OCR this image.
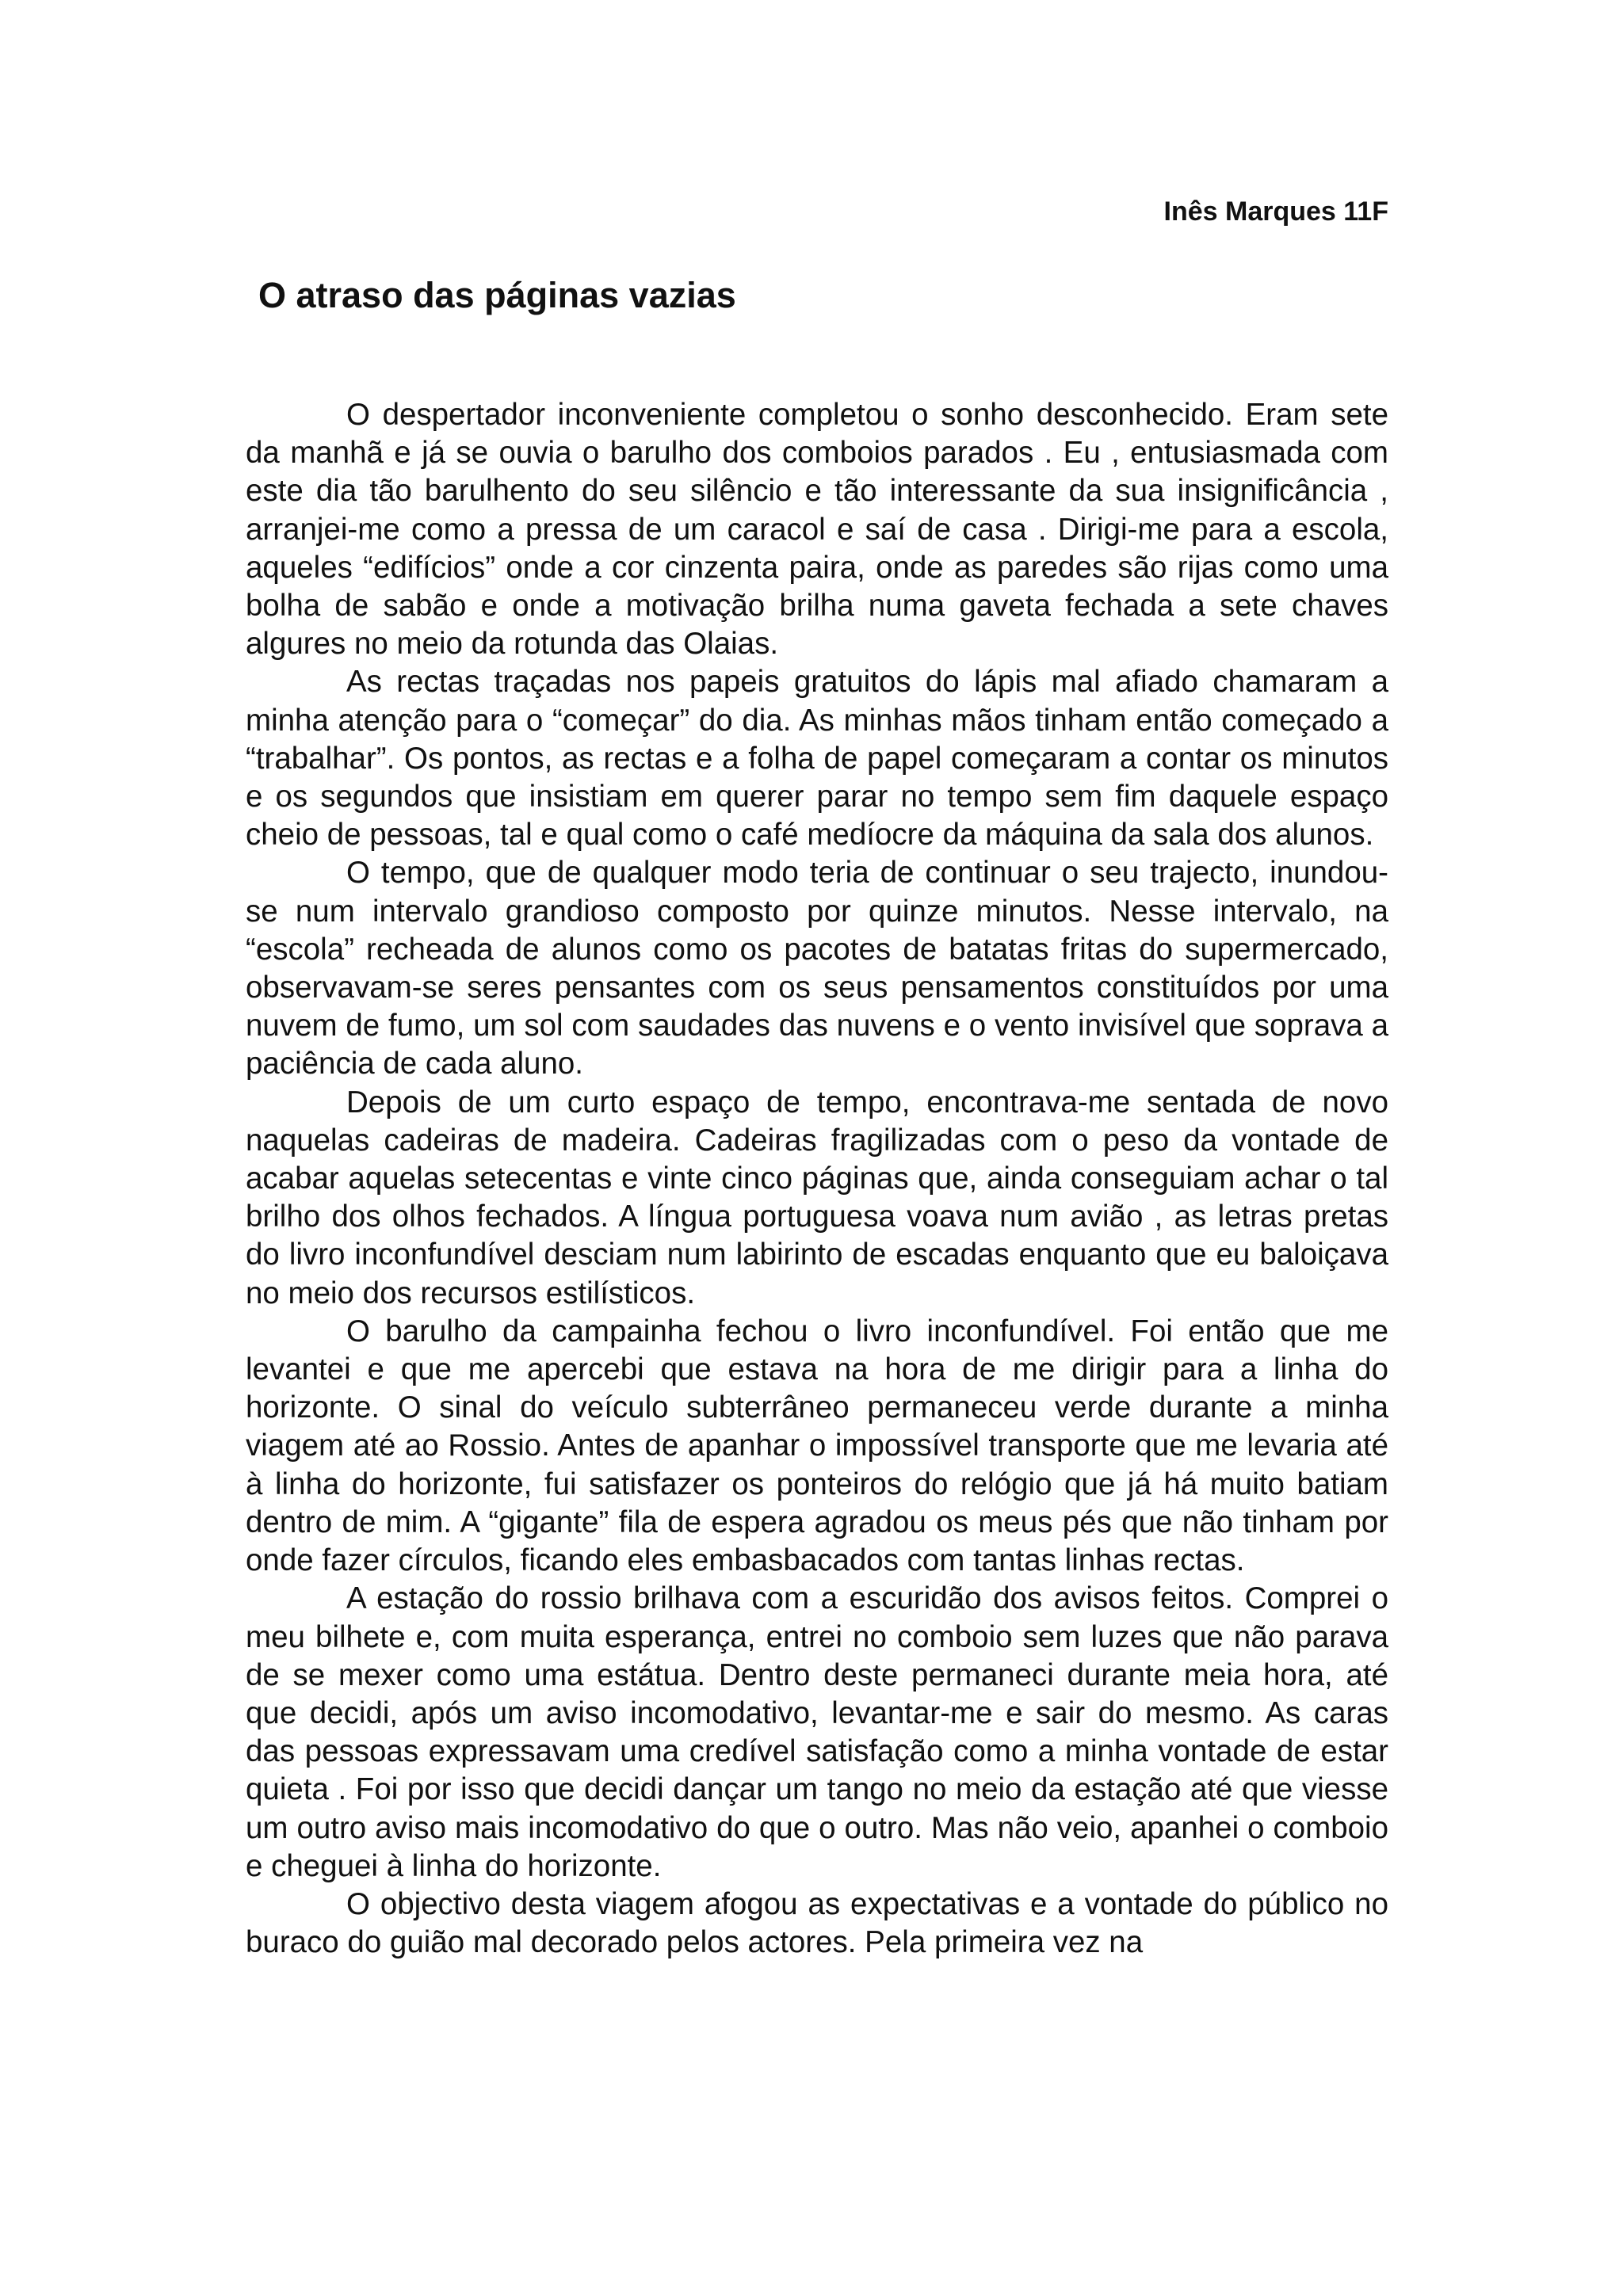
Inês Marques 11F
O atraso das páginas vazias

O despertador inconveniente completou o sonho desconhecido. Eram sete da manhã e já se ouvia o barulho dos comboios parados . Eu , entusiasmada com este dia tão barulhento do seu silêncio e tão interessante da sua insignificância , arranjei-me como a pressa de um caracol e saí de casa . Dirigi-me para a escola, aqueles “edifícios” onde a cor cinzenta paira, onde as paredes são rijas como uma bolha de sabão e onde a motivação brilha numa gaveta fechada a sete chaves algures no meio da rotunda das Olaias.

As rectas traçadas nos papeis gratuitos do lápis mal afiado chamaram a minha atenção para o “começar” do dia. As minhas mãos tinham então começado a “trabalhar”. Os pontos, as rectas e a folha de papel começaram a contar os minutos e os segundos que insistiam em querer parar no tempo sem fim daquele espaço cheio de pessoas, tal e qual como o café medíocre da máquina da sala dos alunos.

O tempo, que de qualquer modo teria de continuar o seu trajecto, inundou-se num intervalo grandioso composto por quinze minutos. Nesse intervalo, na “escola” recheada de alunos como os pacotes de batatas fritas do supermercado, observavam-se seres pensantes com os seus pensamentos constituídos por uma nuvem de fumo, um sol com saudades das nuvens e o vento invisível que soprava a paciência de cada aluno.

Depois de um curto espaço de tempo, encontrava-me sentada de novo naquelas cadeiras de madeira. Cadeiras fragilizadas com o peso da vontade de acabar aquelas setecentas e vinte cinco páginas que, ainda conseguiam achar o tal brilho dos olhos fechados. A língua portuguesa voava num avião , as letras pretas do livro inconfundível desciam num labirinto de escadas enquanto que eu baloiçava no meio dos recursos estilísticos.

O barulho da campainha fechou o livro inconfundível. Foi então que me levantei e que me apercebi que estava na hora de me dirigir para a linha do horizonte. O sinal do veículo subterrâneo permaneceu verde durante a minha viagem até ao Rossio. Antes de apanhar o impossível transporte que me levaria até à linha do horizonte, fui satisfazer os ponteiros do relógio que já há muito batiam dentro de mim. A “gigante” fila de espera agradou os meus pés que não tinham por onde fazer círculos, ficando eles embasbacados com tantas linhas rectas.

A estação do rossio brilhava com a escuridão dos avisos feitos. Comprei o meu bilhete e, com muita esperança, entrei no comboio sem luzes que não parava de se mexer como uma estátua. Dentro deste permaneci durante meia hora, até que decidi, após um aviso incomodativo, levantar-me e sair do mesmo. As caras das pessoas expressavam uma credível satisfação como a minha vontade de estar quieta . Foi por isso que decidi dançar um tango no meio da estação até que viesse um outro aviso mais incomodativo do que o outro. Mas não veio, apanhei o comboio e cheguei à linha do horizonte.

O objectivo desta viagem afogou as expectativas e a vontade do público no buraco do guião mal decorado pelos actores. Pela primeira vez na
